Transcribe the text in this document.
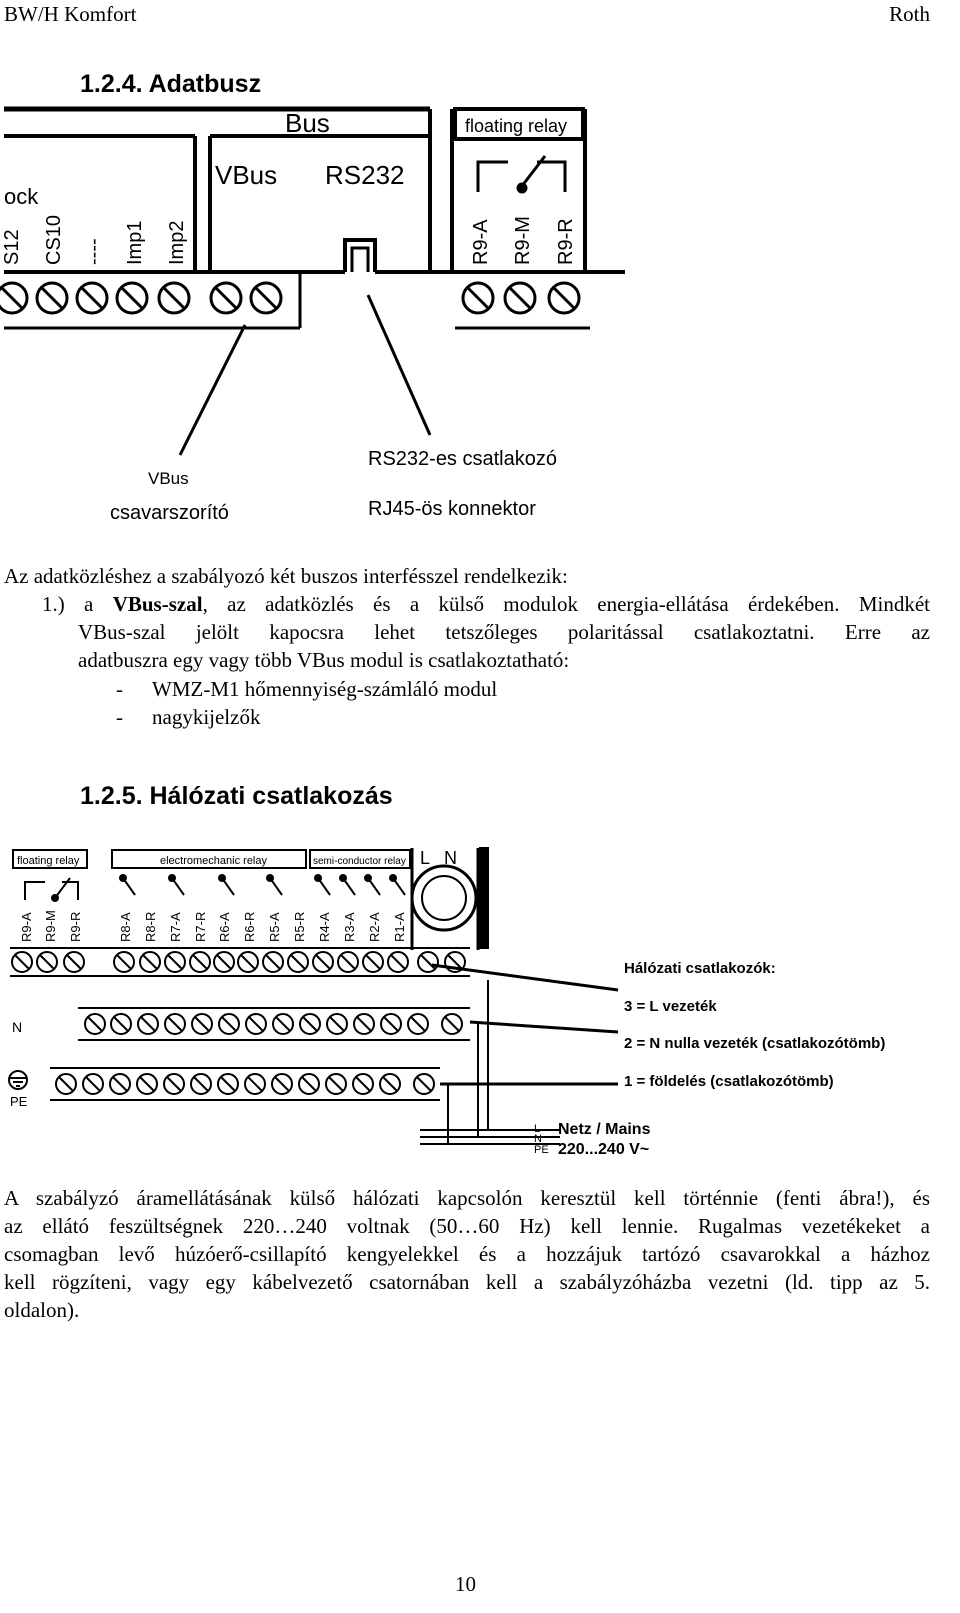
BW/H Komfort	Roth
1.2.4. Adatbusz
Bus	floating relay
VBus RS232
ock
S12 CS10 ---- Imp1 Imp2	R9-A R9-M R9-R
VBus
csavarszorító
RS232-es csatlakozó
RJ45-ös konnektor
Az adatközléshez a szabályozó két buszos interfésszel rendelkezik:
1.) a VBus-szal, az adatközlés és a külső modulok energia-ellátása érdekében. Mindkét
VBus-szal jelölt kapocsra lehet tetszőleges polaritással csatlakoztatni. Erre az
adatbuszra egy vagy több VBus modul is csatlakoztatható:
- WMZ-M1 hőmennyiség-számláló modul
- nagykijelzők
1.2.5. Hálózati csatlakozás
floating relay	electromechanic relay	semi-conductor relay L N
R9-A R9-M R9-R	R8-A R8-R R7-A R7-R R6-A R6-R R5-A R5-R R4-A R3-A R2-A R1-A
N
PE
L
N
PE
Netz / Mains
220...240 V~
Hálózati csatlakozók:
3 = L vezeték
2 = N nulla vezeték (csatlakozótömb)
1 = földelés (csatlakozótömb)
A szabályzó áramellátásának külső hálózati kapcsolón keresztül kell történnie (fenti ábra!), és
az ellátó feszültségnek 220…240 voltnak (50…60 Hz) kell lennie. Rugalmas vezetékeket a
csomagban levő húzóerő-csillapító kengyelekkel és a hozzájuk tartózó csavarokkal a házhoz
kell rögzíteni, vagy egy kábelvezető csatornában kell a szabályzóházba vezetni (ld. tipp az 5.
oldalon).
10
